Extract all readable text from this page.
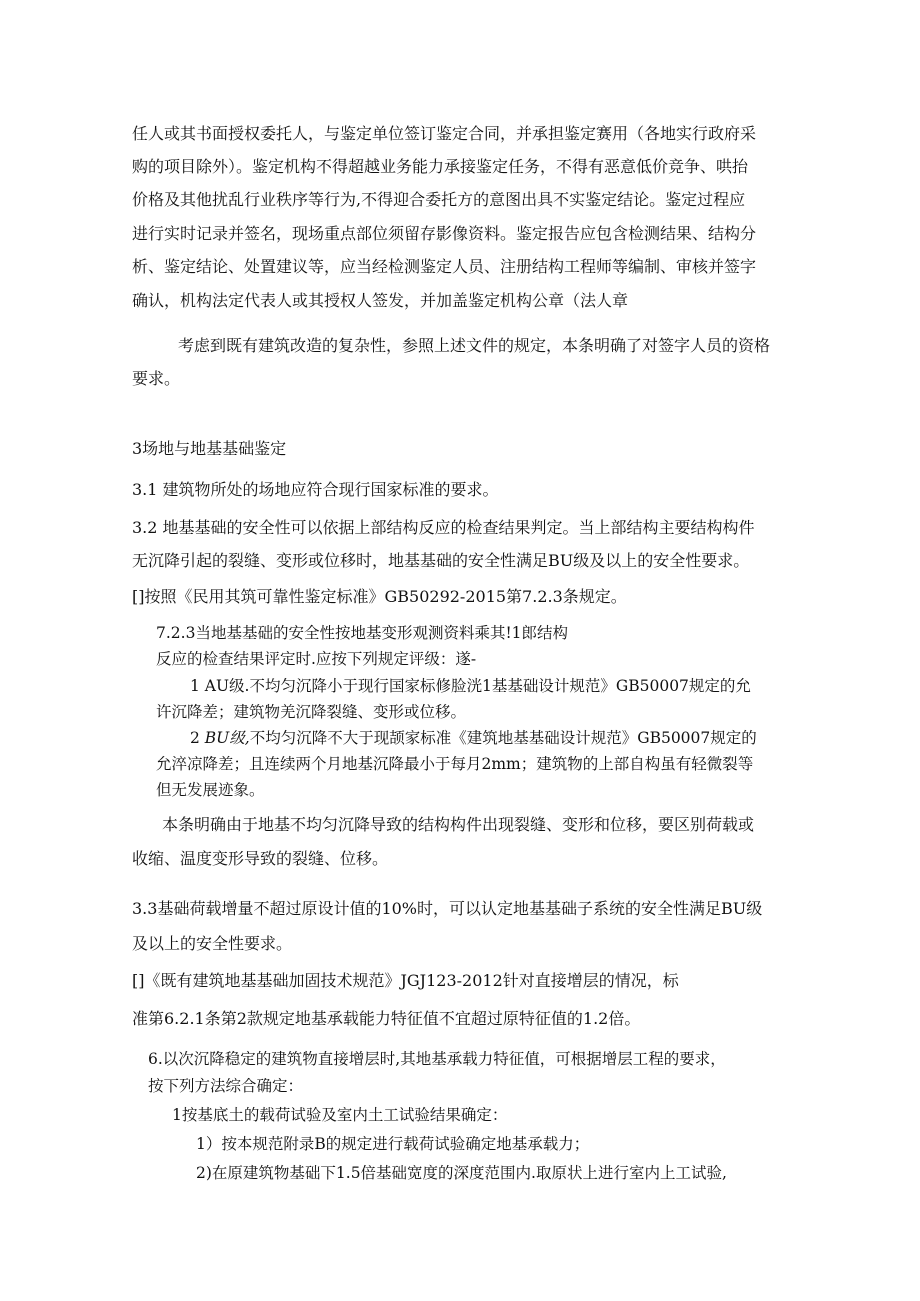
任人或其书面授权委托人，与鉴定单位签订鉴定合同，并承担鉴定赛用（各地实行政府采
购的项目除外）。鉴定机构不得超越业务能力承接鉴定任务，不得有恶意低价竞争、哄抬
价格及其他扰乱行业秩序等行为,不得迎合委托方的意图出具不实鉴定结论。鉴定过程应
进行实时记录并签名，现场重点部位须留存影像资料。鉴定报告应包含检测结果、结构分
析、鉴定结论、处置建议等，应当经检测鉴定人员、注册结构工程师等编制、审核并签字
确认，机构法定代表人或其授权人签发，并加盖鉴定机构公章（法人章
考虑到既有建筑改造的复杂性，参照上述文件的规定，本条明确了对签字人员的资格
要求。
3场地与地基基础鉴定
3.1 建筑物所处的场地应符合现行国家标准的要求。
3.2 地基基础的安全性可以依据上部结构反应的检查结果判定。当上部结构主要结构构件
无沉降引起的裂缝、变形或位移时，地基基础的安全性满足BU级及以上的安全性要求。
[]按照《民用其筑可靠性鉴定标准》GB50292-2015第7.2.3条规定。
7.2.3当地基基础的安全性按地基变形观测资料乘其!1郎结构
反应的检查结果评定时.应按下列规定评级：遂-
1 AU级.不均匀沉降小于现行国家标修脸洸1基基础设计规范》GB50007规定的允
许沉降差；建筑物羌沉降裂缝、变形或位移。
2 BU级,不均匀沉降不大于现颉家标准《建筑地基基础设计规范》GB50007规定的
允淬凉降差；且连续两个月地基沉降最小于每月2mm；建筑物的上部自构虽有轻微裂等
但无发展迹象。
本条明确由于地基不均匀沉降导致的结构构件出现裂缝、变形和位移，要区别荷载或
收缩、温度变形导致的裂缝、位移。
3.3基础荷载增量不超过原设计值的10%时，可以认定地基基础子系统的安全性满足BU级
及以上的安全性要求。
[]《既有建筑地基基础加固技术规范》JGJ123-2012针对直接增层的情况，标
准第6.2.1条第2款规定地基承载能力特征值不宜超过原特征值的1.2倍。
6.以次沉降稳定的建筑物直接增层时,其地基承载力特征值，可根据增层工程的要求，
按下列方法综合确定：
1按基底土的载荷试验及室内土工试验结果确定：
1）按本规范附录B的规定进行载荷试验确定地基承载力；
2)在原建筑物基础下1.5倍基础宽度的深度范围内.取原状上进行室内上工试验,
